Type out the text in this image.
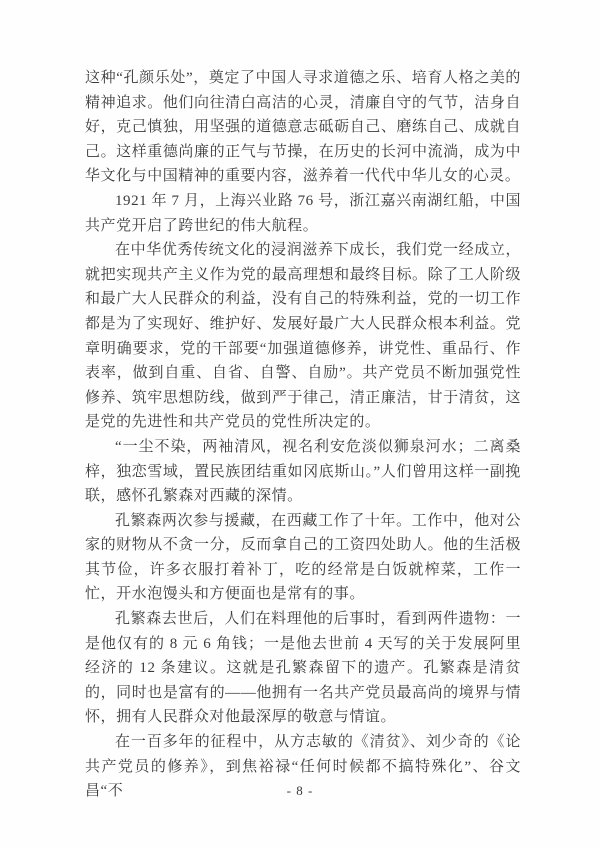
这种“孔颜乐处”，奠定了中国人寻求道德之乐、培育人格之美的精神追求。他们向往清白高洁的心灵，清廉自守的气节，洁身自好，克己慎独，用坚强的道德意志砥砺自己、磨练自己、成就自己。这样重德尚廉的正气与节操，在历史的长河中流淌，成为中华文化与中国精神的重要内容，滋养着一代代中华儿女的心灵。

1921 年 7 月，上海兴业路 76 号，浙江嘉兴南湖红船，中国共产党开启了跨世纪的伟大航程。

在中华优秀传统文化的浸润滋养下成长，我们党一经成立，就把实现共产主义作为党的最高理想和最终目标。除了工人阶级和最广大人民群众的利益，没有自己的特殊利益，党的一切工作都是为了实现好、维护好、发展好最广大人民群众根本利益。党章明确要求，党的干部要“加强道德修养，讲党性、重品行、作表率，做到自重、自省、自警、自励”。共产党员不断加强党性修养、筑牢思想防线，做到严于律己，清正廉洁，甘于清贫，这是党的先进性和共产党员的党性所决定的。

“一尘不染，两袖清风，视名利安危淡似狮泉河水；二离桑梓，独恋雪域，置民族团结重如冈底斯山。”人们曾用这样一副挽联，感怀孔繁森对西藏的深情。

孔繁森两次参与援藏，在西藏工作了十年。工作中，他对公家的财物从不贪一分，反而拿自己的工资四处助人。他的生活极其节俭，许多衣服打着补丁，吃的经常是白饭就榨菜，工作一忙，开水泡馒头和方便面也是常有的事。

孔繁森去世后，人们在料理他的后事时，看到两件遗物：一是他仅有的 8 元 6 角钱；一是他去世前 4 天写的关于发展阿里经济的 12 条建议。这就是孔繁森留下的遗产。孔繁森是清贫的，同时也是富有的——他拥有一名共产党员最高尚的境界与情怀，拥有人民群众对他最深厚的敬意与情谊。

在一百多年的征程中，从方志敏的《清贫》、刘少奇的《论共产党员的修养》，到焦裕禄“任何时候都不搞特殊化”、谷文昌“不	- 8 -
